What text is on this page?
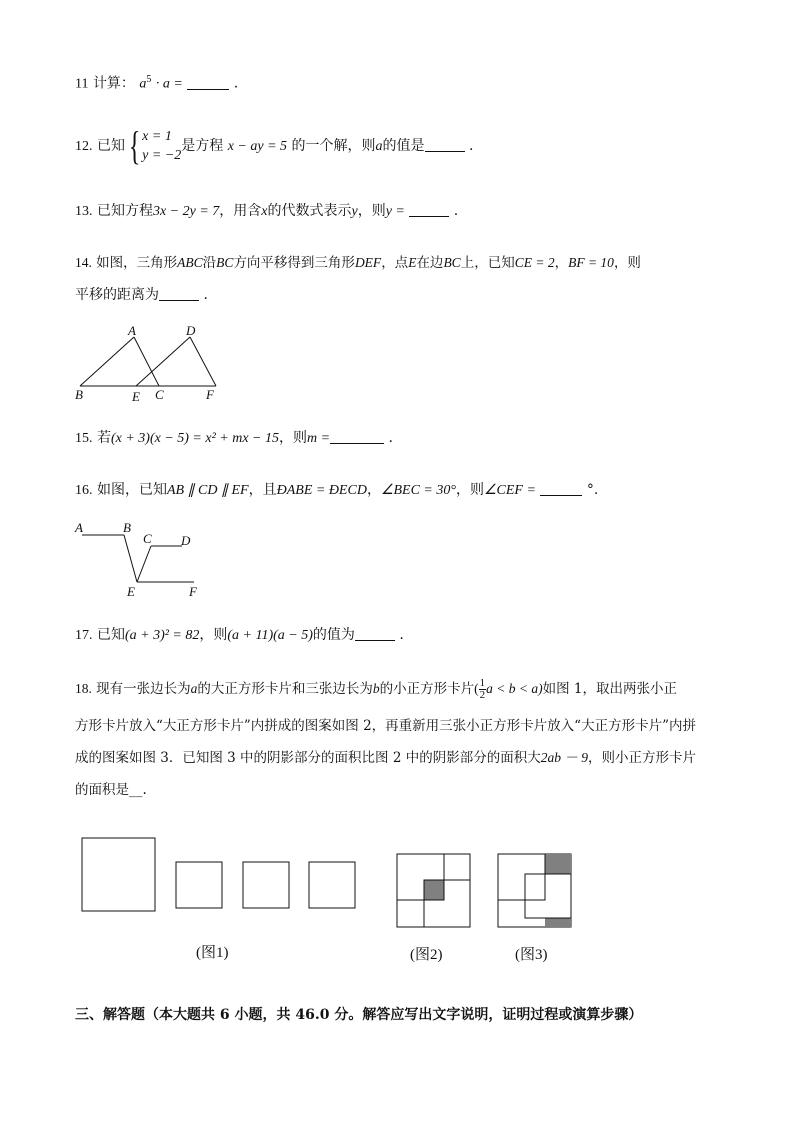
11 计算： $a^5 \cdot a$ =	.
12. 已知{ x = 1
y = −2
是方程 x − ay = 5 的一个解，则a的值是	.
13. 已知方程3x − 2y = 7，用含x的代数式表示y，则y =	.
14. 如图，三角形ABC沿BC方向平移得到三角形DEF，点E在边BC上，已知CE = 2，BF = 10，则
平移的距离为	.
A	D
B	E C	F
15. 若(x + 3)(x − 5) = x² + mx − 15，则m =	.
16. 如图，已知AB ∥ CD ∥ EF，且ĐABE = ĐECD，∠BEC = 30°，则∠CEF =	°.
A	B
C D
E	F
17. 已知(a + 3)² = 82，则(a + 11)(a − 5)的值为	.
18. 现有一张边长为a的大正方形卡片和三张边长为b的小正方形卡片( $\frac{1}{2}$ a < b < a)如图 1，取出两张小正
方形卡片放入“大正方形卡片”内拼成的图案如图 2，再重新用三张小正方形卡片放入“大正方形卡片”内拼
成的图案如图 3．已知图 3 中的阴影部分的面积比图 2 中的阴影部分的面积大2ab － 9，则小正方形卡片
的面积是__.
(图1)	(图2)	(图3)
三、解答题（本大题共 6 小题，共 46.0 分。解答应写出文字说明，证明过程或演算步骤）
